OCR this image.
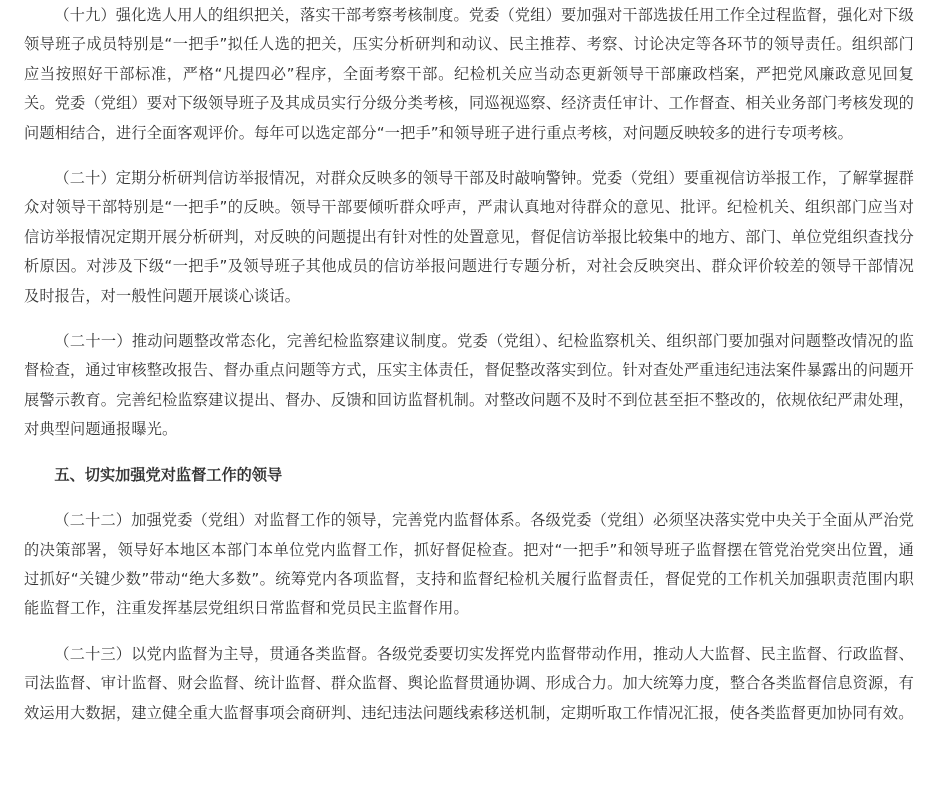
（十九）强化选人用人的组织把关，落实干部考察考核制度。党委（党组）要加强对干部选拔任用工作全过程监督，强化对下级领导班子成员特别是“一把手”拟任人选的把关，压实分析研判和动议、民主推荐、考察、讨论决定等各环节的领导责任。组织部门应当按照好干部标准，严格“凡提四必”程序，全面考察干部。纪检机关应当动态更新领导干部廉政档案，严把党风廉政意见回复关。党委（党组）要对下级领导班子及其成员实行分级分类考核，同巡视巡察、经济责任审计、工作督查、相关业务部门考核发现的问题相结合，进行全面客观评价。每年可以选定部分“一把手”和领导班子进行重点考核，对问题反映较多的进行专项考核。

（二十）定期分析研判信访举报情况，对群众反映多的领导干部及时敲响警钟。党委（党组）要重视信访举报工作，了解掌握群众对领导干部特别是“一把手”的反映。领导干部要倾听群众呼声，严肃认真地对待群众的意见、批评。纪检机关、组织部门应当对信访举报情况定期开展分析研判，对反映的问题提出有针对性的处置意见，督促信访举报比较集中的地方、部门、单位党组织查找分析原因。对涉及下级“一把手”及领导班子其他成员的信访举报问题进行专题分析，对社会反映突出、群众评价较差的领导干部情况及时报告，对一般性问题开展谈心谈话。

（二十一）推动问题整改常态化，完善纪检监察建议制度。党委（党组）、纪检监察机关、组织部门要加强对问题整改情况的监督检查，通过审核整改报告、督办重点问题等方式，压实主体责任，督促整改落实到位。针对查处严重违纪违法案件暴露出的问题开展警示教育。完善纪检监察建议提出、督办、反馈和回访监督机制。对整改问题不及时不到位甚至拒不整改的，依规依纪严肃处理，对典型问题通报曝光。

五、切实加强党对监督工作的领导

（二十二）加强党委（党组）对监督工作的领导，完善党内监督体系。各级党委（党组）必须坚决落实党中央关于全面从严治党的决策部署，领导好本地区本部门本单位党内监督工作，抓好督促检查。把对“一把手”和领导班子监督摆在管党治党突出位置，通过抓好“关键少数”带动“绝大多数”。统筹党内各项监督，支持和监督纪检机关履行监督责任，督促党的工作机关加强职责范围内职能监督工作，注重发挥基层党组织日常监督和党员民主监督作用。

（二十三）以党内监督为主导，贯通各类监督。各级党委要切实发挥党内监督带动作用，推动人大监督、民主监督、行政监督、司法监督、审计监督、财会监督、统计监督、群众监督、舆论监督贯通协调、形成合力。加大统筹力度，整合各类监督信息资源，有效运用大数据，建立健全重大监督事项会商研判、违纪违法问题线索移送机制，定期听取工作情况汇报，使各类监督更加协同有效。
